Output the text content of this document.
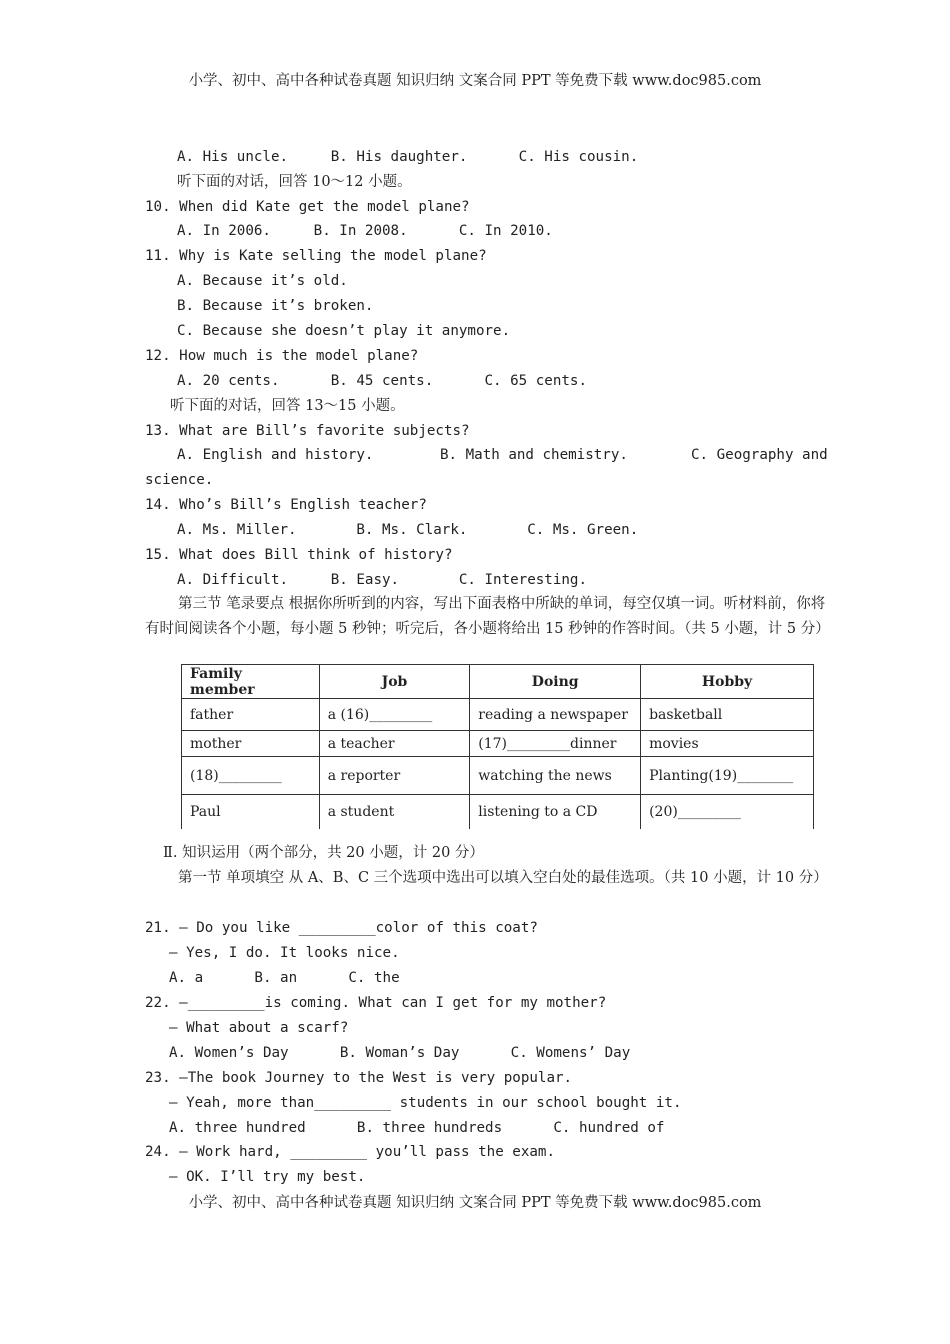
小学、初中、高中各种试卷真题 知识归纳 文案合同 PPT 等免费下载 www.doc985.com
A. His uncle.     B. His daughter.      C. His cousin.
听下面的对话，回答 10～12 小题。
10. When did Kate get the model plane?
A. In 2006.     B. In 2008.      C. In 2010.
11. Why is Kate selling the model plane?
A. Because it’s old.
B. Because it’s broken.
C. Because she doesn’t play it anymore.
12. How much is the model plane?
A. 20 cents.      B. 45 cents.      C. 65 cents.
听下面的对话，回答 13～15 小题。
13. What are Bill’s favorite subjects?
A. English and history.	B. Math and chemistry.	C. Geography and
science.
14. Who’s Bill’s English teacher?
A. Ms. Miller.       B. Ms. Clark.       C. Ms. Green.
15. What does Bill think of history?
A. Difficult.     B. Easy.       C. Interesting.
第三节 笔录要点 根据你所听到的内容，写出下面表格中所缺的单词，每空仅填一词。听材料前，你将有时间阅读各个小题，每小题 5 秒钟；听完后，各小题将给出 15 秒钟的作答时间。（共 5 小题，计 5 分）
Family member	Job	Doing	Hobby
father	a (16)_________	reading a newspaper	basketball
mother	a teacher	(17)_________dinner	movies
(18)_________	a reporter	watching the news	Planting(19)________
Paul	a student	listening to a CD	(20)_________
Ⅱ. 知识运用（两个部分，共 20 小题，计 20 分）
第一节 单项填空 从 A、B、C 三个选项中选出可以填入空白处的最佳选项。（共 10 小题，计 10 分）
21. — Do you like _________color of this coat?
— Yes, I do. It looks nice.
A. a      B. an      C. the
22. —_________is coming. What can I get for my mother?
— What about a scarf?
A. Women’s Day      B. Woman’s Day      C. Womens’ Day
23. —The book Journey to the West is very popular.
— Yeah, more than_________ students in our school bought it.
A. three hundred      B. three hundreds      C. hundred of
24. — Work hard, _________ you’ll pass the exam.
— OK. I’ll try my best.
小学、初中、高中各种试卷真题 知识归纳 文案合同 PPT 等免费下载 www.doc985.com
